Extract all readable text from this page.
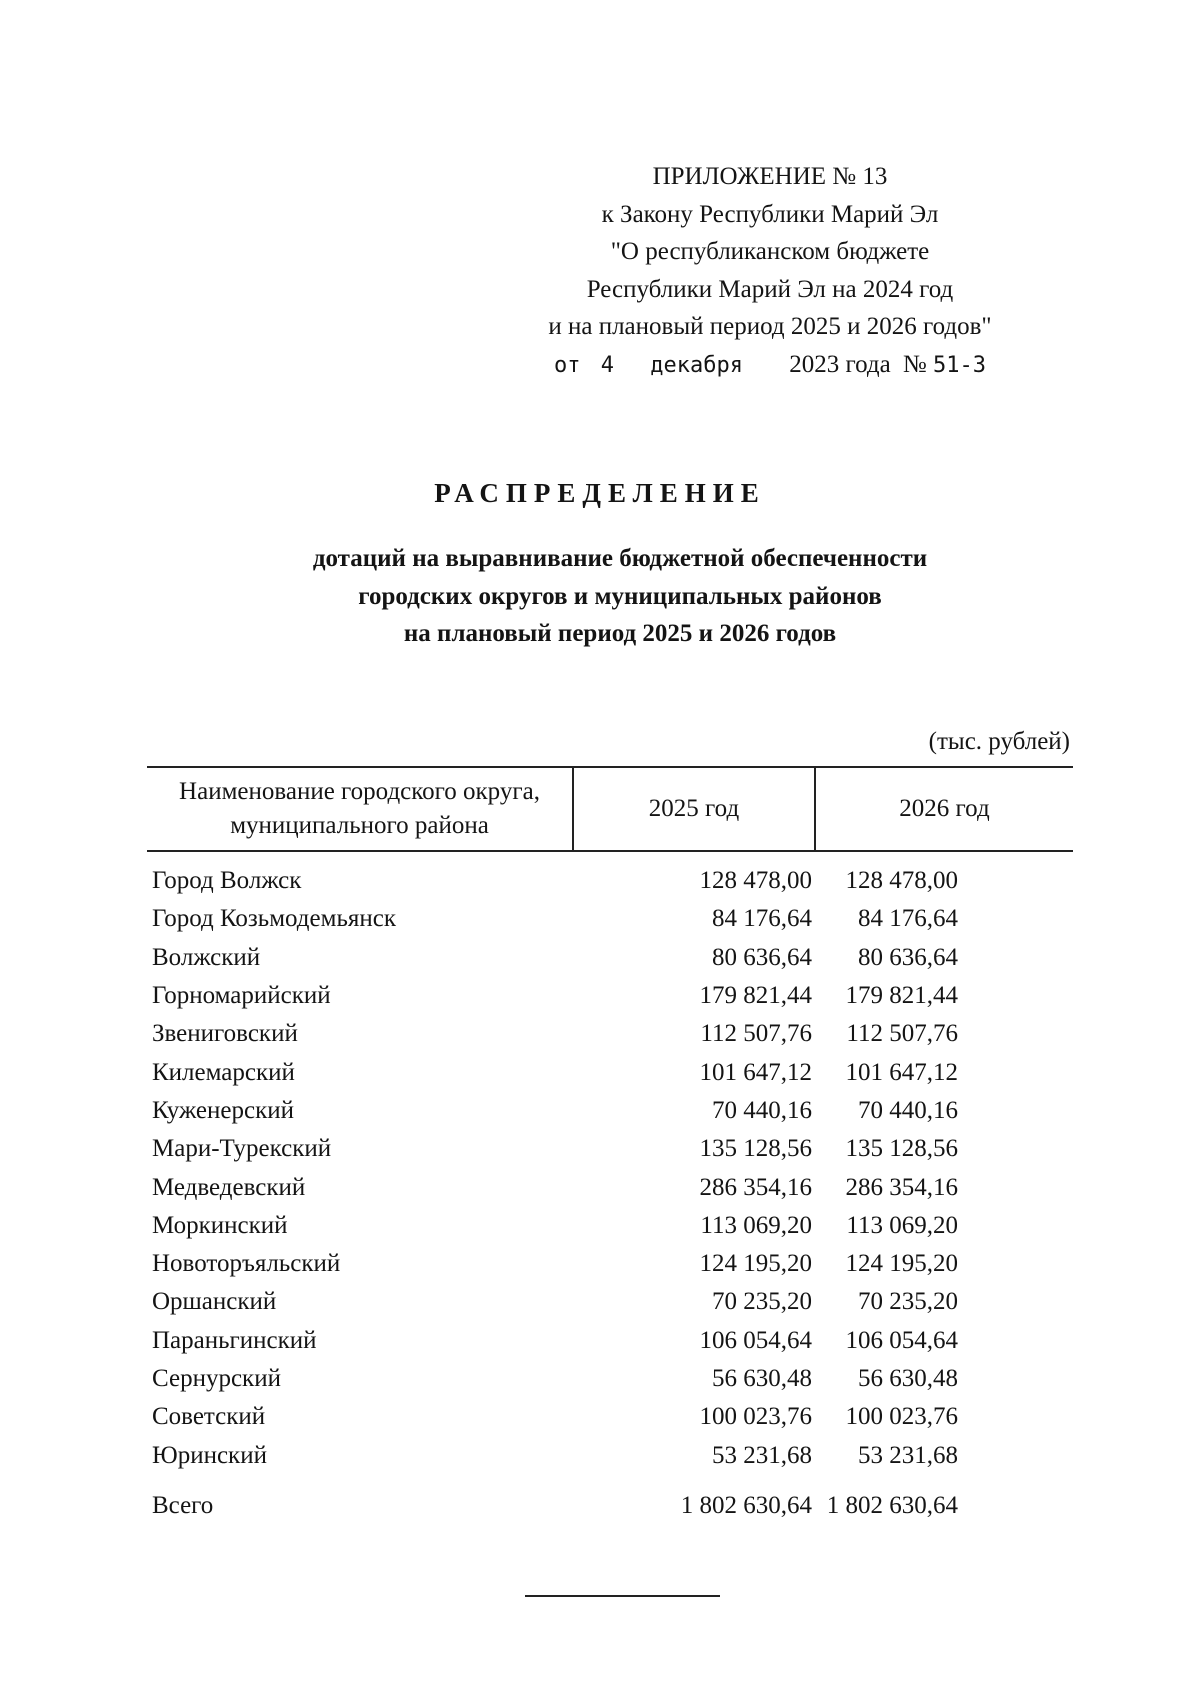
ПРИЛОЖЕНИЕ № 13
к Закону Республики Марий Эл
"О республиканском бюджете
Республики Марий Эл на 2024 год
и на плановый период 2025 и 2026 годов"
от 4 декабря 2023 года № 51-З
РАСПРЕДЕЛЕНИЕ
дотаций на выравнивание бюджетной обеспеченности
городских округов и муниципальных районов
на плановый период 2025 и 2026 годов
(тыс. рублей)
Наименование городского округа,
муниципального района	2025 год	2026 год
Город Волжск	128 478,00	128 478,00
Город Козьмодемьянск	84 176,64	84 176,64
Волжский	80 636,64	80 636,64
Горномарийский	179 821,44	179 821,44
Звениговский	112 507,76	112 507,76
Килемарский	101 647,12	101 647,12
Куженерский	70 440,16	70 440,16
Мари-Турекский	135 128,56	135 128,56
Медведевский	286 354,16	286 354,16
Моркинский	113 069,20	113 069,20
Новоторъяльский	124 195,20	124 195,20
Оршанский	70 235,20	70 235,20
Параньгинский	106 054,64	106 054,64
Сернурский	56 630,48	56 630,48
Советский	100 023,76	100 023,76
Юринский	53 231,68	53 231,68
Всего	1 802 630,64	1 802 630,64
